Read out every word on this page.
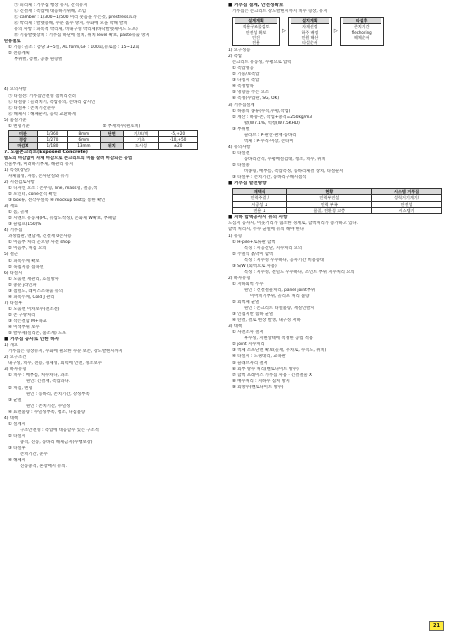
㉠ 피리체 : 거푸집 행상 유지, 간격유지
㉡ 긴결재 : 측압에 대응하기위해, 조임
㉢ camber : 1/300~1/500 미리 숫음을 두는것, prestress효과
㉣ 박리제 : 발렛용해, 수분 흡수 방지, 수화에 모을 막해 발치
유의 사항 : 피복적 박리제, 비내구성 박리제(바닥발렛제미드 도포)
㉤ 기둥발렛장치 : 거푸집 하단에 설치, 위치 level 확보, paste유출 방지
탄용철토
① 기능: 골조 : 층당 3~5일, AL form,GF : 100회,유로폼 : 15~12회
② 전용계획
부위별, 층별, 공종 원형별
4) 요의사항
㉠ 타설전: 거푸집안전성 점비리건려
㉡ 타설중 : 들려치기, 측압유의, 콘바리 감시인
㉢ 타설후 : 존치기간준수
㉣ 해체시 : 해체순서, 응력 교환하게
5) 품질기준
① 변형기준	② 부재치수(편호치)
미관	1/360	8mm	단면	기/보/벽	-5,+20
경감	1/270	6mm		기초	-10,+50
마감X	1/180	13mm	위치	도시성	±20
7. 노출콘크리트(Exposed Concrete)
별도의 마감없이 자체 마감으로 콘크리트의 미를 살려 마감되는 공법
건물부게, 미려하기부제, 해관리 유지
1) 특성(장단)
자체협성, 자통, 온사단실와 유기
2) 시전검토사항
① 디자인 요소 : 콘무형, line, mass형, 철공,색
② 포인터, cone간격 확인
③ box류, 전각수설복 ④ mockup test를 통한 확인
3) 재료
① 몸, 골재
② 시멘트 유동제(PC, 유압도착성), 온화제 W확보, 부패함
③ 슬럼프(150)%
4) 거푸집
과정법판, 맨남재, 긴결재 0콘사용
① 이음부 처리 곤오양 사전 shop
② 이음부, 처짐 요의
5) 철근
① 피복두께 확보
② 녹침지용 접속선
6) 타설시
① 노출면 재관리, 흐실방사
② 충분 j라인파
③ 점렬도, 레이스조속출 유의
④ 피복두께, Cold J 관리
7) 타설후
① 노출면 이차보수(전조전)
② 존 구방처리
③ 작은결함 M+속교
④ 이색부위 보수
⑤ 발수제(실리콘, 불소계) 도포
■ 거푸집 공사로 인한 하자
1) 개요
거푸집은 형상유지, 수화에 필요한 수분 보존, 강도발현시까지
2) 요구조건
내구성, 치수, 전용, 경제성, 외력에 안전, 정소보수
3) 하자유형
① 치수 : 배부름, 처수차다, 과소
원인: 긴결재, 측압과다.
② 처짐, 변형
원인 : 동바리, 존치기간, 강성부족
③ 균열
원인 : 존치기간, 수밀성
④ 표면불량 : 수밀성부족, 청소, 다짐불량
4) 대책
① 설계시
구조안전성 : 측압에 대응할수 있는 구조적
② 타설시
충격, 진동, 동바리 해제금지(수행보강)
③ 타설후
존치기간, 준수
④ 해체시
진동충격, 흔장애시 유의.
■ 거푸집 설계, 안전성확보
거푸집은 콘크리트 강도발현시까지 치수 형상, 유지
설계계획
적용구조물검토
안전성 확보
인건
전용
▷
설치계획
자재선정
하주 배정
인원 해산
타설순서
▷
타설후
존치기간
flechoring
해체순서
1) 요구성능
2) 측압
콘크리트 유동성, 수평으로 압력
① 측압영공
② 기둥/보측압
③ 다칭시 측압
④ 측정항목
⑤ 영향을 주는 요소
⑥ 측정(수압관, SG, OK)
3) 거푸집설계
① 하중의 종류(수직,수평,작업)
② 계산 : 하중-존, 작업+충격=250kg/m3
활(W7.1%, 역청(W7.5KHD)
③ 부위별
슬라브 : P·판산·판재·동바리
벽체 : P·수직·미장, 콘타이
4) 유의사항
① 타설전
동바리간격, 수평배설검대, 청소, 치수, 위치
② 타설중
비종링, 배부름, 측압측정, 동바리체결 상치, 타설순서
③ 타설후 : 존치기간, 동바리구해시점석
■ 거푸집 발전방향
재택식	현황	시스템 거푸집
인력주결 /	인력부진설	성력거기계기/
시공성 ↓	인력 부족	안전성
전용 ↓	품질, 전환경 고층	시스템기
■ 지하 합벽공사시 유의 사항
도심지 공사시, 이웃거리가 협소한 경계로, 합벽처리가 증가하고 있다.
합벽 처리시, 누수 균열에 유의 해야 한다
1) 유형
① H-pile+토류판 합벽
특징 : 시공간단, 지수처리 요의
② 주열식 흙막이 합벽
특성 : 지수성 우수하나, 공사기간 비용증대
③ S/W (외벽으로 사용)
특성 : 지수성, 전밀도 우수하나, 조인트 부위 지수처리 요의
2) 하자유형
① 지하외벽 누수
원인 : 건결철물처리, panel joint부위
이어치기부위, 골리포 처리 불량
② 외벽체 균열
원인 : 콘크리트 타설불량, 재질인발시
③ 인접지반 침하 균열
④ 탄결, 결로 현상 발생, 내구성 저하
3) 대책
① 사전조사 철저
후수성, 지변상태에 적정한 공법 적용
② joint 지수처리
③ 벽체 소포단면 확보(골재, 우차로, 수직도, 위치)
④ 타설시 : 도핑대리, 교속판
⑤ 슬래브자리 철저
⑥ 외부 방수 처리(벤토나이트 방수)
⑦ 합벽 프레이스 가푸집 사용 · 긴결철물 X
⑧ 배수처리 : 지하수 집처 방지
⑨ 외방수(벤토나이트 방수)
21
